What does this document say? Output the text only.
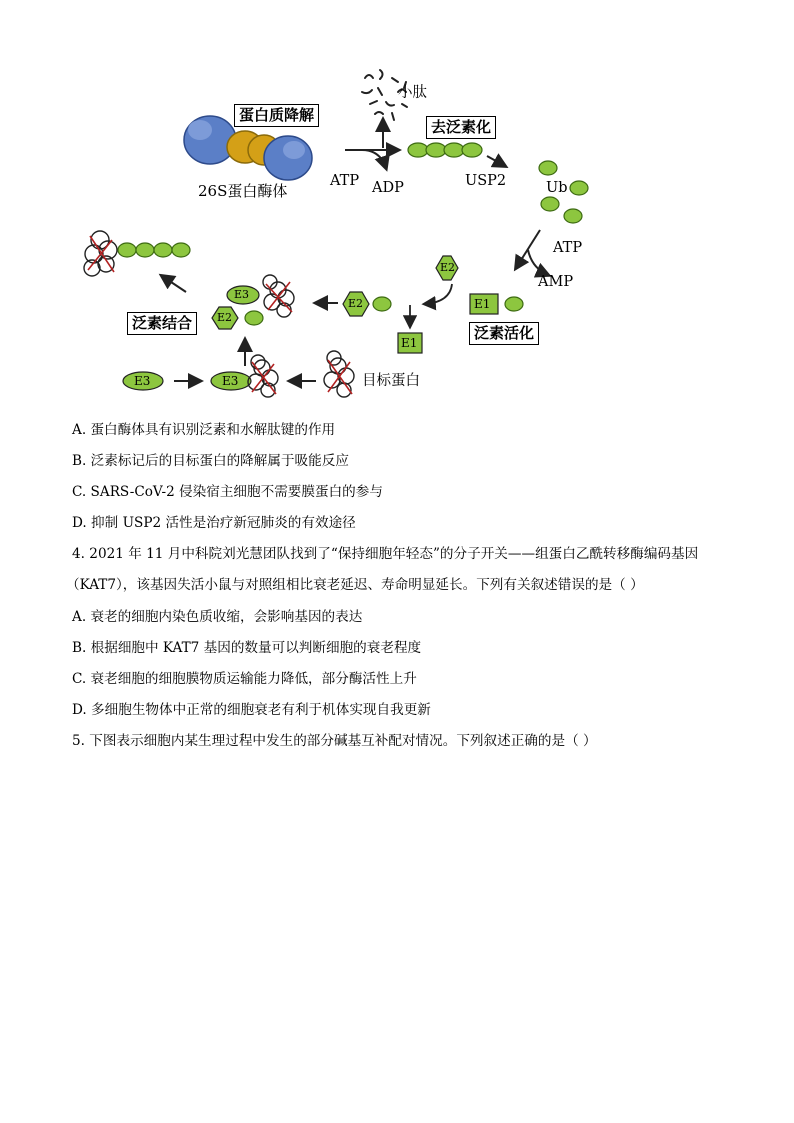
蛋白质降解
26S蛋白酶体
小肽
去泛素化
ATP ADP	USP2	Ub
ATP
AMP
泛素活化
泛素结合
目标蛋白
E1
E1
E2
E2
E2
E3
E3	E3
A. 蛋白酶体具有识别泛素和水解肽键的作用
B. 泛素标记后的目标蛋白的降解属于吸能反应
C. SARS-CoV-2 侵染宿主细胞不需要膜蛋白的参与
D. 抑制 USP2 活性是治疗新冠肺炎的有效途径
4. 2021 年 11 月中科院刘光慧团队找到了“保持细胞年轻态”的分子开关——组蛋白乙酰转移酶编码基因
（KAT7），该基因失活小鼠与对照组相比衰老延迟、寿命明显延长。下列有关叙述错误的是（ ）
A. 衰老的细胞内染色质收缩，会影响基因的表达
B. 根据细胞中 KAT7 基因的数量可以判断细胞的衰老程度
C. 衰老细胞的细胞膜物质运输能力降低，部分酶活性上升
D. 多细胞生物体中正常的细胞衰老有利于机体实现自我更新
5. 下图表示细胞内某生理过程中发生的部分碱基互补配对情况。下列叙述正确的是（ ）
